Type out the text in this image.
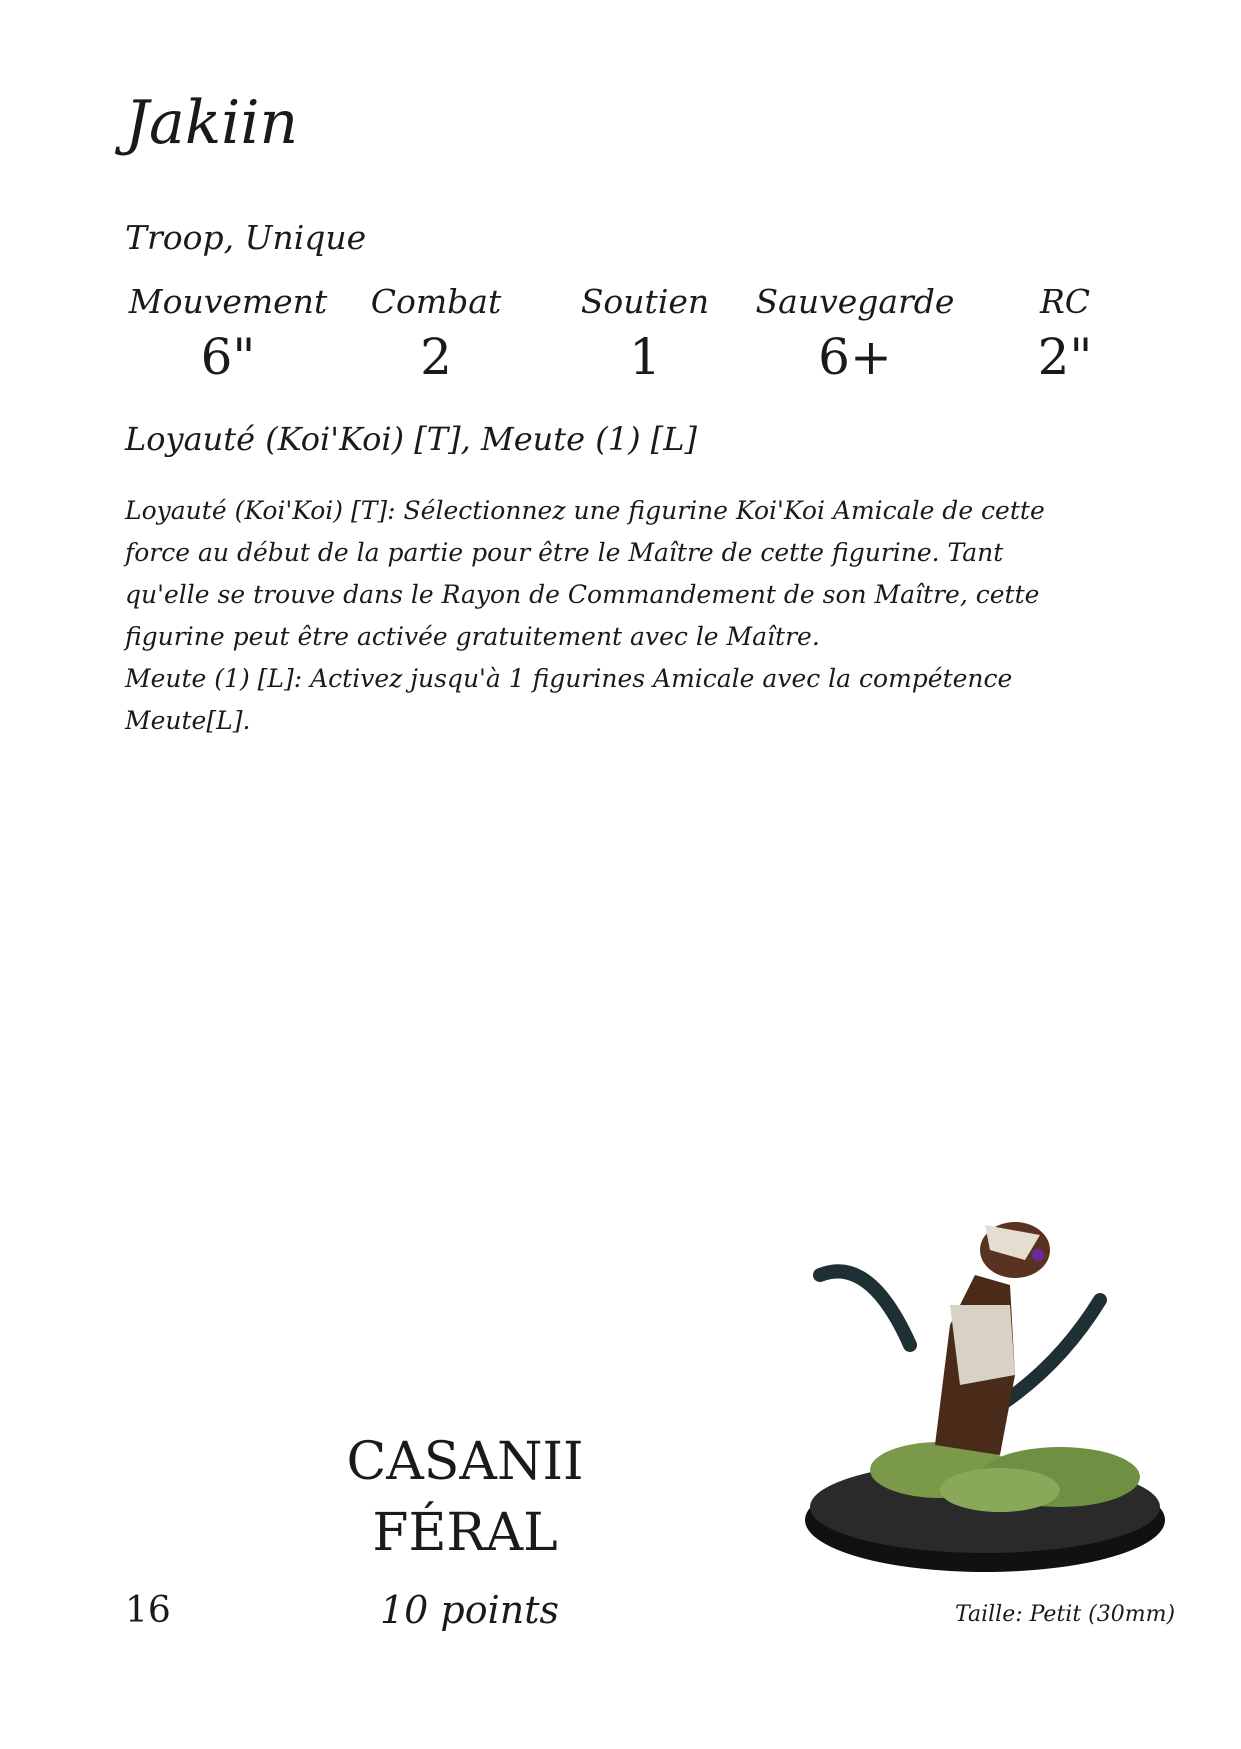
Jakiin
Troop, Unique
Mouvement	Combat	Soutien	Sauvegarde	RC
6"	2	1	6+	2"
Loyauté (Koi'Koi) [T], Meute (1) [L]

Loyauté (Koi'Koi) [T]: Sélectionnez une figurine Koi'Koi Amicale de cette force au début de la partie pour être le Maître de cette figurine. Tant qu'elle se trouve dans le Rayon de Commandement de son Maître, cette figurine peut être activée gratuitement avec le Maître.

Meute (1) [L]: Activez jusqu'à 1 figurines Amicale avec la compétence Meute[L].

CASANII
FÉRAL
16	10 points	Taille: Petit (30mm)
